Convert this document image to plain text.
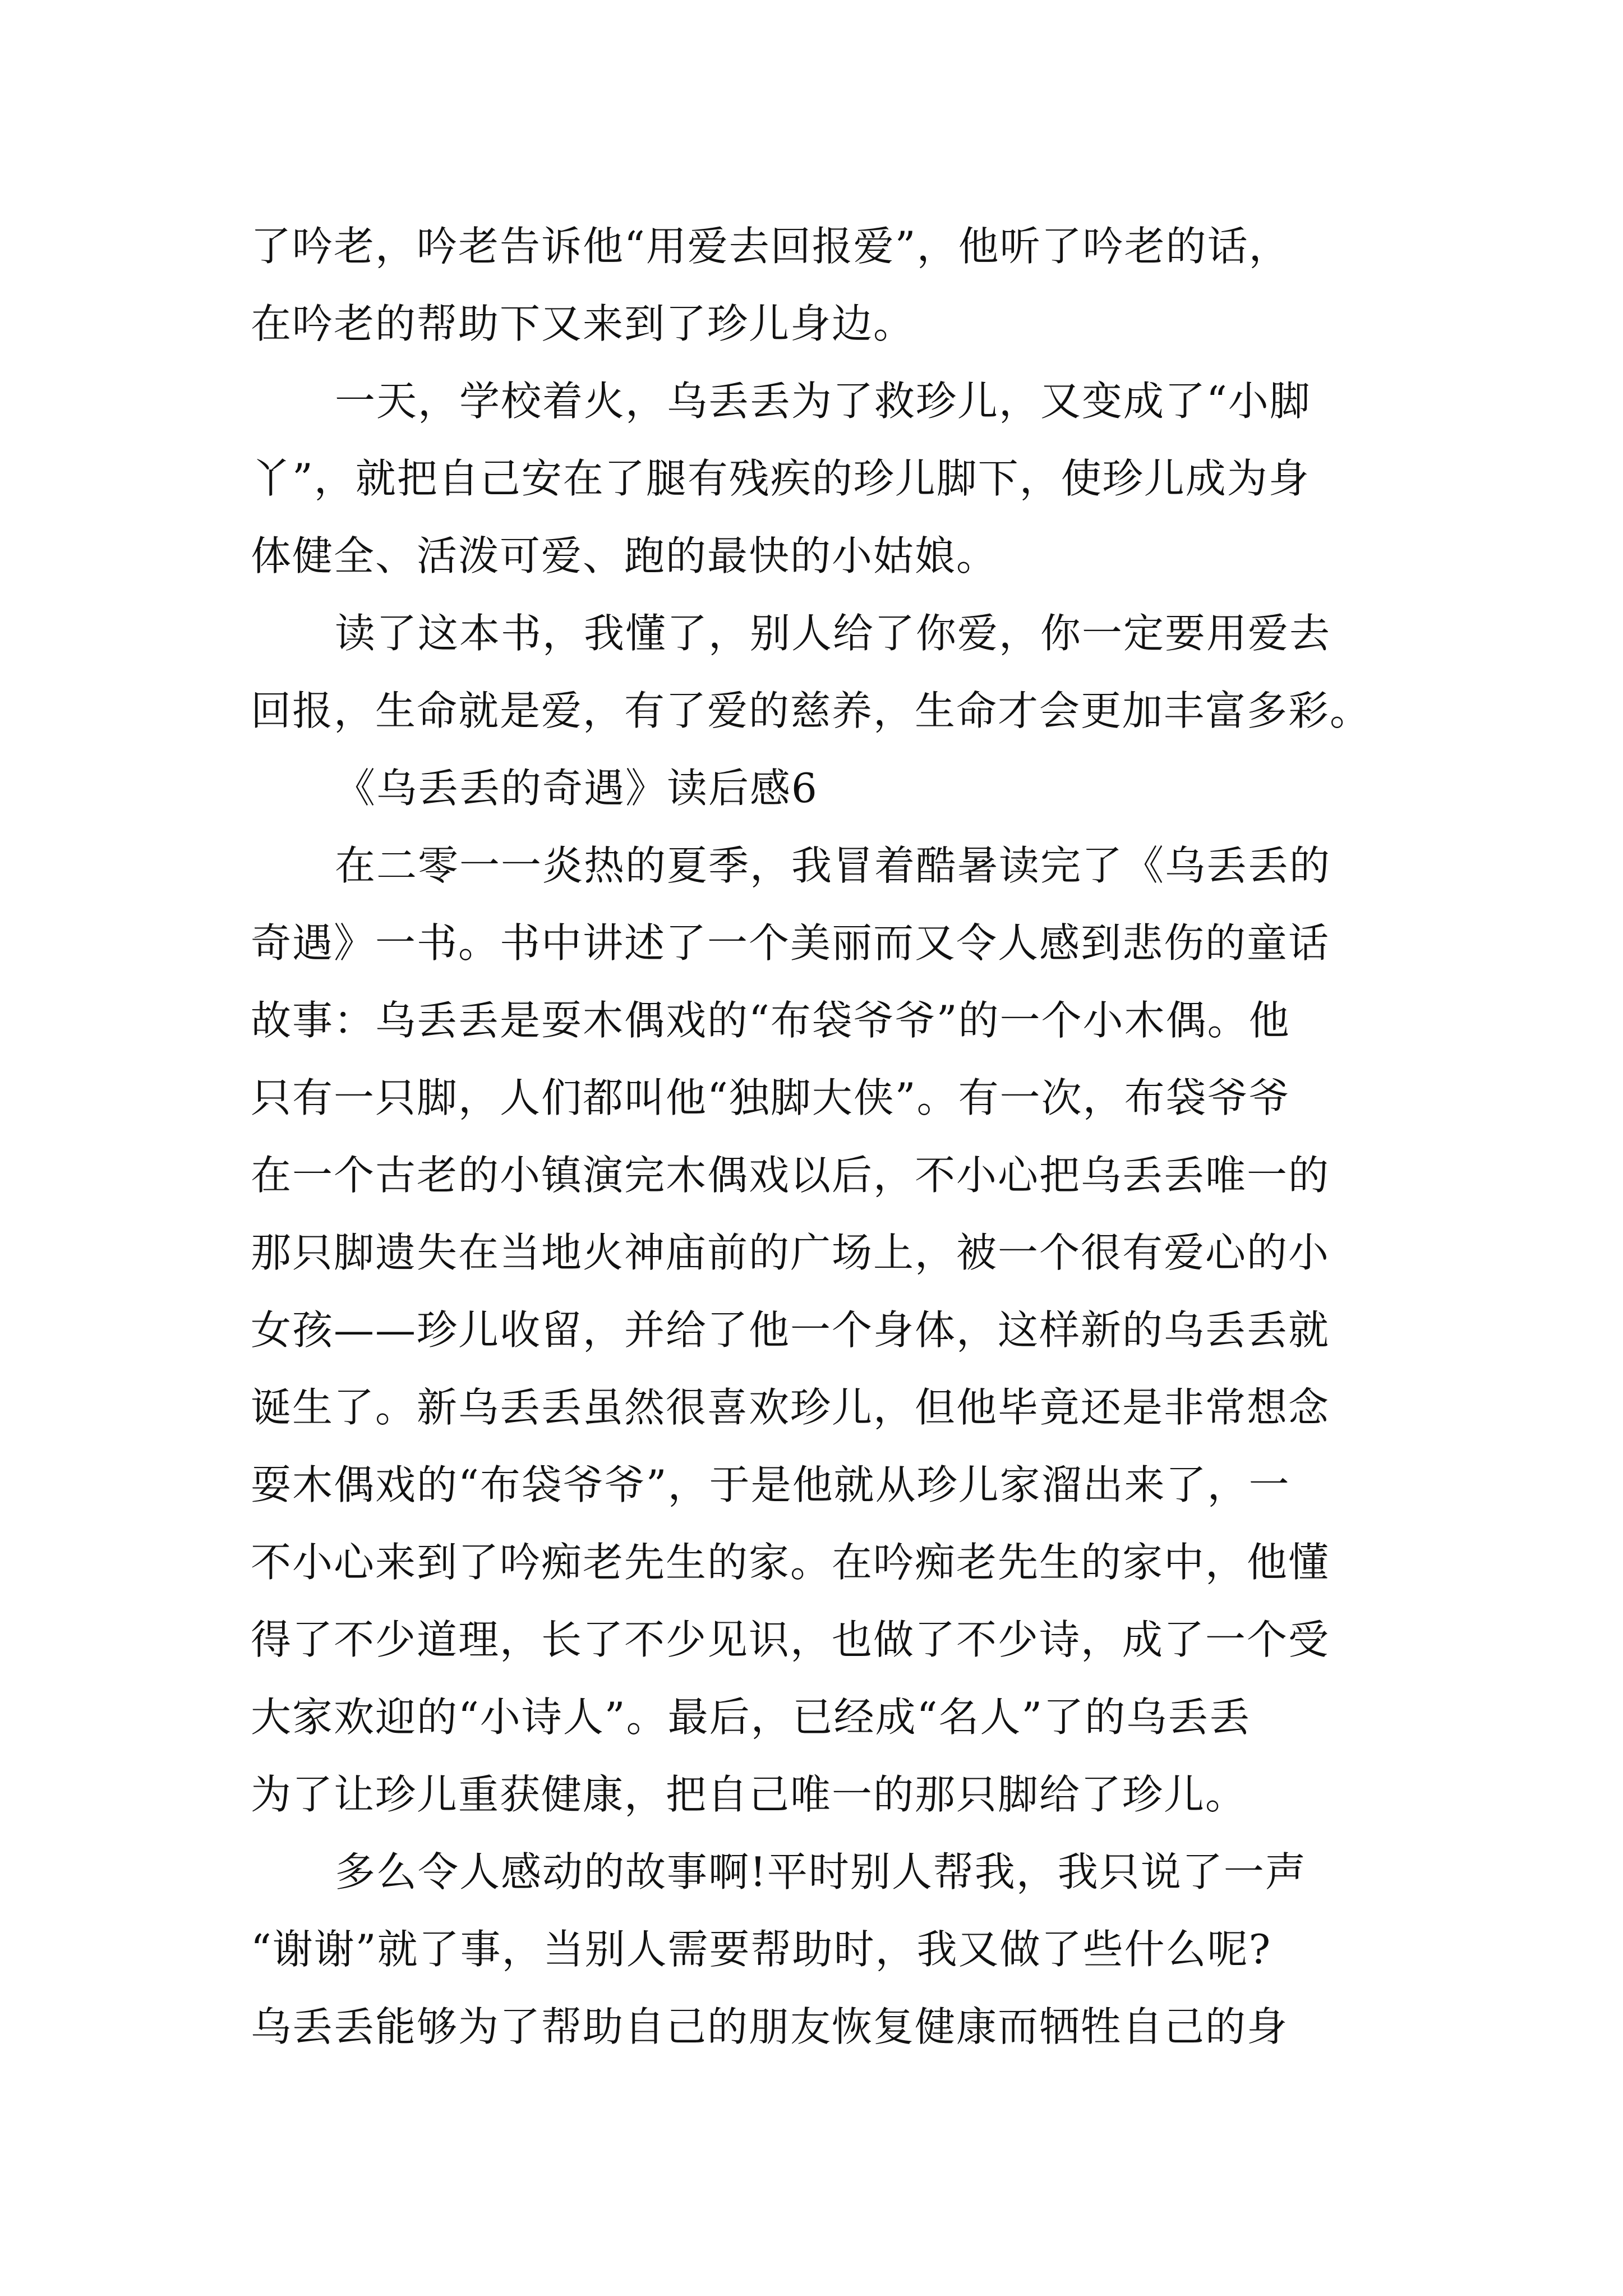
了吟老，吟老告诉他“用爱去回报爱”，他听了吟老的话，
在吟老的帮助下又来到了珍儿身边。
一天，学校着火，乌丢丢为了救珍儿，又变成了“小脚
丫”，就把自己安在了腿有残疾的珍儿脚下，使珍儿成为身
体健全、活泼可爱、跑的最快的小姑娘。
读了这本书，我懂了，别人给了你爱，你一定要用爱去
回报，生命就是爱，有了爱的慈养，生命才会更加丰富多彩。
《乌丢丢的奇遇》读后感6
在二零一一炎热的夏季，我冒着酷暑读完了《乌丢丢的
奇遇》一书。书中讲述了一个美丽而又令人感到悲伤的童话
故事：乌丢丢是耍木偶戏的“布袋爷爷”的一个小木偶。他
只有一只脚，人们都叫他“独脚大侠”。有一次，布袋爷爷
在一个古老的小镇演完木偶戏以后，不小心把乌丢丢唯一的
那只脚遗失在当地火神庙前的广场上，被一个很有爱心的小
女孩——珍儿收留，并给了他一个身体，这样新的乌丢丢就
诞生了。新乌丢丢虽然很喜欢珍儿，但他毕竟还是非常想念
耍木偶戏的“布袋爷爷”，于是他就从珍儿家溜出来了，一
不小心来到了吟痴老先生的家。在吟痴老先生的家中，他懂
得了不少道理，长了不少见识，也做了不少诗，成了一个受
大家欢迎的“小诗人”。最后，已经成“名人”了的乌丢丢
为了让珍儿重获健康，把自己唯一的那只脚给了珍儿。
多么令人感动的故事啊!平时别人帮我，我只说了一声
“谢谢”就了事，当别人需要帮助时，我又做了些什么呢?
乌丢丢能够为了帮助自己的朋友恢复健康而牺牲自己的身
